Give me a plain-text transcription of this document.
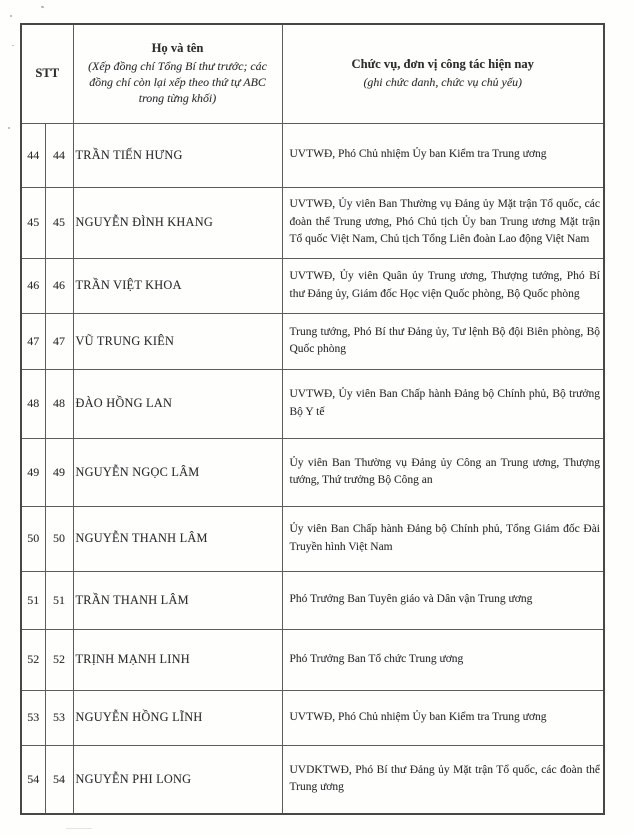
STT	
Họ và tên
(Xếp đồng chí Tổng Bí thư trước; các đồng chí còn lại xếp theo thứ tự ABC trong từng khối)

Chức vụ, đơn vị công tác hiện nay
(ghi chức danh, chức vụ chủ yếu)

44	44	TRẦN TIẾN HƯNG	UVTWĐ, Phó Chủ nhiệm Ủy ban Kiểm tra Trung ương
45	45	NGUYỄN ĐÌNH KHANG	UVTWĐ, Ủy viên Ban Thường vụ Đảng ủy Mặt trận Tổ quốc, các đoàn thể Trung ương, Phó Chủ tịch Ủy ban Trung ương Mặt trận Tổ quốc Việt Nam, Chủ tịch Tổng Liên đoàn Lao động Việt Nam
46	46	TRẦN VIỆT KHOA	UVTWĐ, Ủy viên Quân ủy Trung ương, Thượng tướng, Phó Bí thư Đảng ủy, Giám đốc Học viện Quốc phòng, Bộ Quốc phòng
47	47	VŨ TRUNG KIÊN	Trung tướng, Phó Bí thư Đảng ủy, Tư lệnh Bộ đội Biên phòng, Bộ Quốc phòng
48	48	ĐÀO HỒNG LAN	UVTWĐ, Ủy viên Ban Chấp hành Đảng bộ Chính phủ, Bộ trưởng Bộ Y tế
49	49	NGUYỄN NGỌC LÂM	Ủy viên Ban Thường vụ Đảng ủy Công an Trung ương, Thượng tướng, Thứ trưởng Bộ Công an
50	50	NGUYỄN THANH LÂM	Ủy viên Ban Chấp hành Đảng bộ Chính phủ, Tổng Giám đốc Đài Truyền hình Việt Nam
51	51	TRẦN THANH LÂM	Phó Trưởng Ban Tuyên giáo và Dân vận Trung ương
52	52	TRỊNH MẠNH LINH	Phó Trưởng Ban Tổ chức Trung ương
53	53	NGUYỄN HỒNG LĨNH	UVTWĐ, Phó Chủ nhiệm Ủy ban Kiểm tra Trung ương
54	54	NGUYỄN PHI LONG	UVDKTWĐ, Phó Bí thư Đảng ủy Mặt trận Tổ quốc, các đoàn thể Trung ương
